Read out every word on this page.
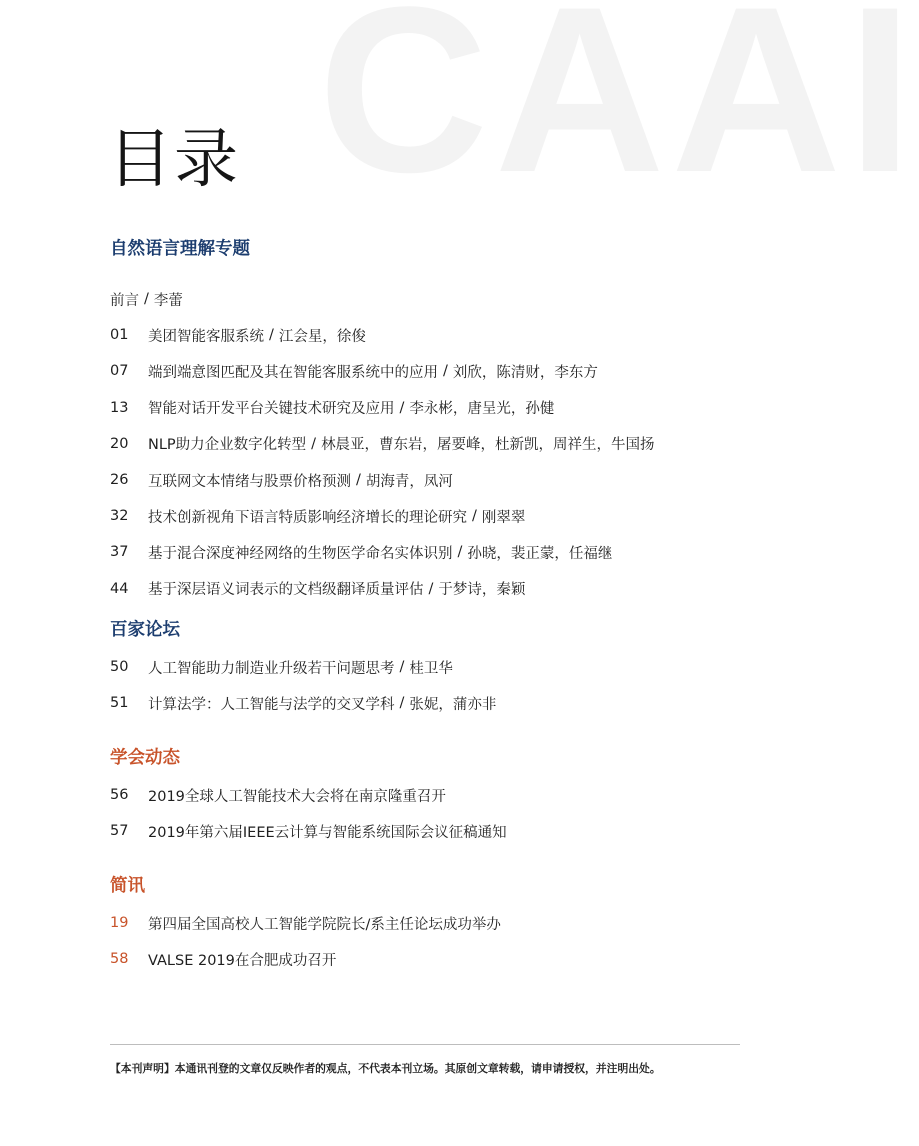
CAAI
目录
自然语言理解专题
前言 / 李蕾
01	美团智能客服系统 / 江会星，徐俊
07	端到端意图匹配及其在智能客服系统中的应用 / 刘欣，陈清财，李东方
13	智能对话开发平台关键技术研究及应用 / 李永彬，唐呈光，孙健
20	NLP助力企业数字化转型 / 林晨亚，曹东岩，屠要峰，杜新凯，周祥生，牛国扬
26	互联网文本情绪与股票价格预测 / 胡海青，凤河
32	技术创新视角下语言特质影响经济增长的理论研究 / 刚翠翠
37	基于混合深度神经网络的生物医学命名实体识别 / 孙晓，裴正蒙，任福继
44	基于深层语义词表示的文档级翻译质量评估 / 于梦诗，秦颖
百家论坛
50	人工智能助力制造业升级若干问题思考 / 桂卫华
51	计算法学：人工智能与法学的交叉学科 / 张妮，蒲亦非
学会动态
56	2019全球人工智能技术大会将在南京隆重召开
57	2019年第六届IEEE云计算与智能系统国际会议征稿通知
简讯
19	第四届全国高校人工智能学院院长/系主任论坛成功举办
58	VALSE 2019在合肥成功召开
【本刊声明】本通讯刊登的文章仅反映作者的观点，不代表本刊立场。其原创文章转载，请申请授权，并注明出处。
